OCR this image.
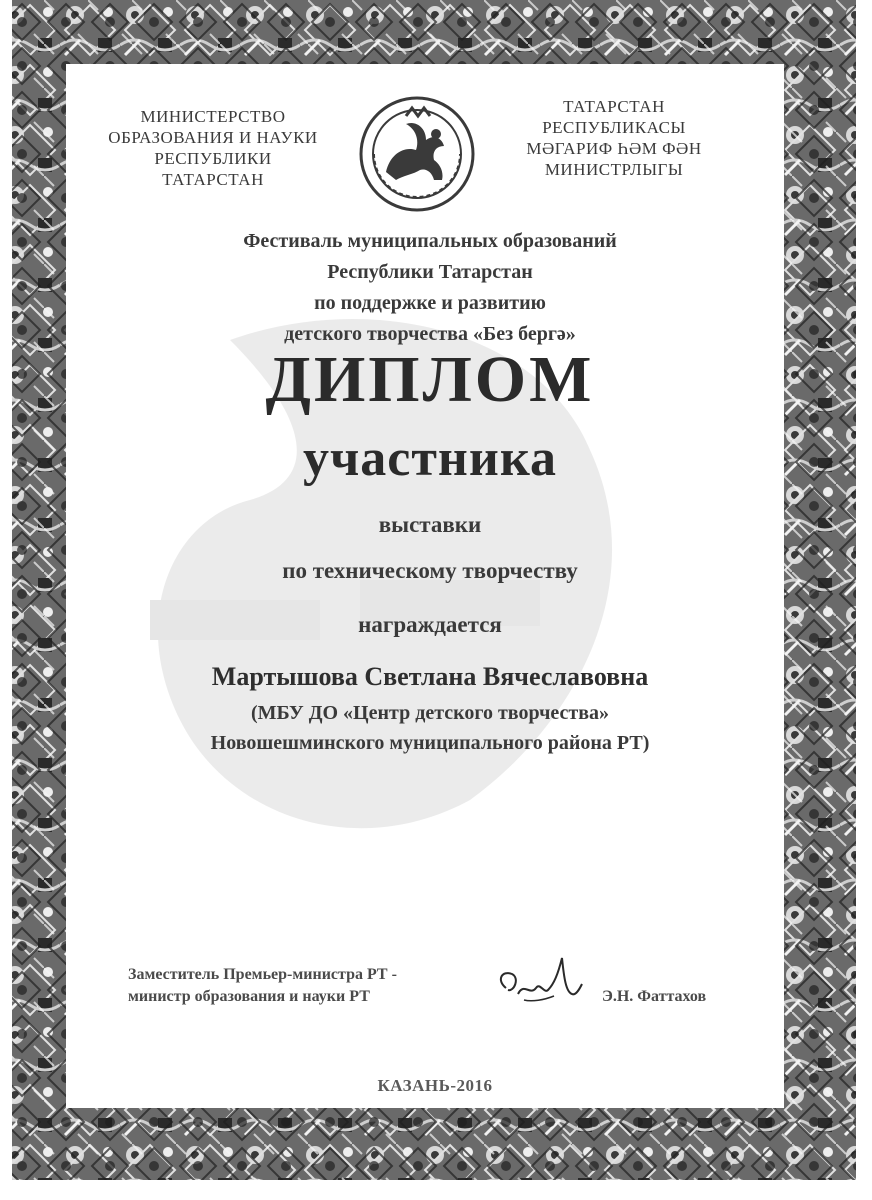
МИНИСТЕРСТВО
ОБРАЗОВАНИЯ И НАУКИ
РЕСПУБЛИКИ
ТАТАРСТАН
ТАТАРСТАН
РЕСПУБЛИКАСЫ
МӘГАРИФ ҺӘМ ФӘН
МИНИСТРЛЫГЫ
Фестиваль муниципальных образований
Республики Татарстан
по поддержке и развитию
детского творчества «Без бергә»
ДИПЛОМ
участника
выставки
по техническому творчеству
награждается
Мартышова Светлана Вячеславовна
(МБУ ДО «Центр детского творчества»
Новошешминского муниципального района РТ)
Заместитель Премьер-министра РТ -
министр образования и науки РТ	Э.Н. Фаттахов
КАЗАНЬ-2016
